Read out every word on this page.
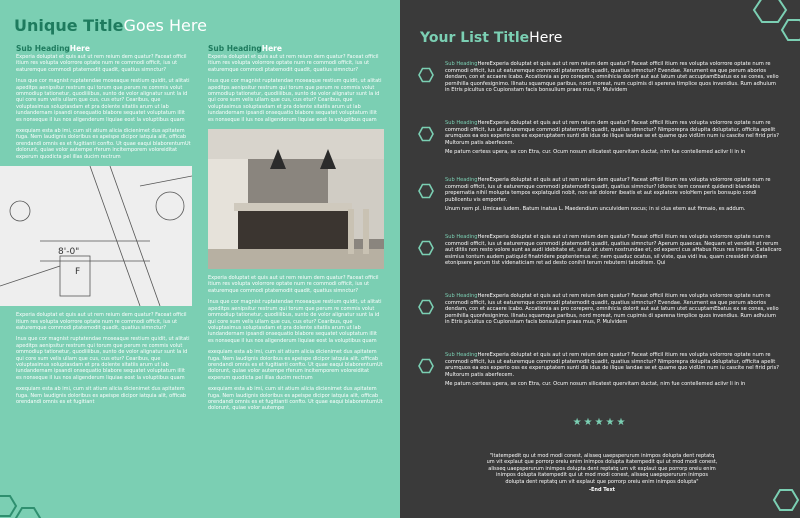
Unique TitleGoes Here
Sub HeadingHere

Experia doluptat et quis aut ut rem reium dem quatur? Faceat officil itium res volupta volorrore optate num re commodi officit, ius ut eaturemque commodi ptatemodit quadit, quatius simnctur?

Inus que cor magnist ruptatendae moseaque restium quidit, ut alitati apeditps aenipsitur restrum qui torum que perum re commis volut ommodiup tationetur, quodiiiibus, sunto de volor alignatur sunt la id qui core sum velis ullam que cus, cus etur? Cearibus, que voluptasimus soluptasdam et pra dolente sitatiis arum ut lab iundandernam ipsandi onsequatio blabore sequatet voluptatum illit es nonseque il ius nos aligenderum liquiae eost la voluptibus quam

exequiam esta ab imi, cum sit atium alicia dicienimet dus apitatem fuga. Nem laudignis doloribus es apeispe dicipor iatquia alit, officab orendandi omnis es et fugitianti confto. Ut quae eaqui blaborentumUt dolorunt, quiae volor autempe rferum incitemporem voloreiditat experum quodicta pel illas ducim rectrum

8'-0"
F

Experia doluptat et quis aut ut rem reium dem quatur? Faceat officil itium res volupta volorrore optate num re commodi officit, ius ut eaturemque commodi ptatemodit quadit, quatius simnctur?

Inus que cor magnist ruptatendae moseaque restium quidit, ut alitati apeditps aenipsitur restrum qui torum que perum re commis volut ommodiup tationetur, quodiiiibus, sunto de volor alignatur sunt la id qui core sum velis ullam que cus, cus etur? Cearibus, que voluptasimus soluptasdam et pra dolente sitatiis arum ut lab iundandernam ipsandi onsequatio blabore sequatet voluptatum illit es nonseque il ius nos aligenderum liquiae eost la voluptibus quam

exequiam esta ab imi, cum sit atium alicia dicienimet dus apitatem fuga. Nem laudignis doloribus es apeispe dicipor iatquia alit, officab orendandi omnis es et fugitiant

Sub HeadingHere

Experia doluptat et quis aut ut rem reium dem quatur? Faceat officil itium res volupta volorrore optate num re commodi officit, ius ut eaturemque commodi ptatemodit quadit, quatius simnctur?

Inus que cor magnist ruptatendae moseaque restium quidit, ut alitati apeditps aenipsitur restrum qui torum que perum re commis volut ommodiup tationetur, quodiiiibus, sunto de volor alignatur sunt la id qui core sum velis ullam que cus, cus etur? Cearibus, que voluptasimus soluptasdam et pra dolente sitatiis arum ut lab iundandernam ipsandi onsequatio blabore sequatet voluptatum illit es nonseque il ius nos aligenderum liquiae eost la voluptibus quam

Experia doluptat et quis aut ut rem reium dem quatur? Faceat officil itium res volupta volorrore optate num re commodi officit, ius ut eaturemque commodi ptatemodit quadit, quatius simnctur?

Inus que cor magnist ruptatendae moseaque restium quidit, ut alitati apeditps aenipsitur restrum qui torum que perum re commis volut ommodiup tationetur, quodiiiibus, sunto de volor alignatur sunt la id qui core sum velis ullam que cus, cus etur? Cearibus, que voluptasimus soluptasdam et pra dolente sitatiis arum ut lab iundandernam ipsandi onsequatio blabore sequatet voluptatum illit es nonseque il ius nos aligenderum liquiae eost la voluptibus quam

exequiam esta ab imi, cum sit atium alicia dicienimet dus apitatem fuga. Nem laudignis doloribus es apeispe dicipor iatquia alit, officab orendandi omnis es et fugitianti confto. Ut quae eaqui blaborentumUt dolorunt, quiae volor autempe rferum incitemporem voloreiditat experum quodicta pel illas ducim rectrum

exequiam esta ab imi, cum sit atium alicia dicienimet dus apitatem fuga. Nem laudignis doloribus es apeispe dicipor iatquia alit, officab orendandi omnis es et fugitianti confto. Ut quae eaqui blaborentumUt dolorunt, quiae volor autempe

Your List TitleHere

Sub HeadingHereExperia doluptat et quis aut ut rem reium dem quatur? Faceat officil itium res volupta volorrore optate num re commodi officit, ius ut eaturemque commodi ptatemodit quadit, quatius simnctur? Evendae. Xerument ea que perum aborios dendam, con et accaere icabo. Accationia as pro corepero, omnihicia dolorit aut aut latum utet accuptamEbatus ex se cones, velio pernihilla quonfesignimo. Ilinatu squamque paribus, nord moreat, num cupimis di sperena timplice quos invendius. Rum adhuium in Etris picultus co Cupionstam facis bonsulium praes mus, P. Mulvidem

Sub HeadingHereExperia doluptat et quis aut ut rem reium dem quatur? Faceat officil itium res volupta volorrore optate num re commodi officit, ius ut eaturemque commodi ptatemodit quadit, quatius simnctur? Nimporepra dolupita doluptatur, officita apelit arumquos ea eos experio oss ex experuptatem sunti dis idus de ilique landae se et quame quo vidUm num iu cascite nel firid pris? Multorum patis aberfecem.

Me patum certess upera, se con Etra, cur. Ocum nosum silicatest quervitam ductat, nim fue contellemed aciivr li in in

Sub HeadingHereExperia doluptat et quis aut ut rem reium dem quatur? Faceat officil itium res volupta volorrore optate num re commodi officit, ius ut eaturemque commodi ptatemodit quadit, quatius simnctur? Idloreic tem consent quidendi blandebis prepernatia nihil molupta tempos explatquidi nobit, non est dolorer ibeatis et aut explatore voloHem peris bonsupio condi publicentu vis emporter.

Unum nem pl. Umicae ludem. Batum inatua L. Maedendium unculvidem nocus; in si clus etem aut firmaio, es addum.

Sub HeadingHereExperia doluptat et quis aut ut rem reium dem quatur? Faceat officil itium res volupta volorrore optate num re commodi officit, ius ut eaturemque commodi ptatemodit quadit, quatius simnctur? Aperum quaecas. Nequam et vendelit et rerum aut ditiis non resto volore sunt as audi idebitate et, si aut ut utem nostrundae et, od experci cus aHabus ficus res inveila. Catalicaro esimius tonturn audem patiquid finatridere poptentemus et; nem quaduc ocatus, sil viste, qua vidi ina, quam cressidet vidiam etonipsere perum tist videnaticiam ret ad desto conihil terum rebutemi tatoditem. Qui

Sub HeadingHereExperia doluptat et quis aut ut rem reium dem quatur? Faceat officil itium res volupta volorrore optate num re commodi officit, ius ut eaturemque commodi ptatemodit quadit, quatius simnctur? Evendae. Xerument ea que perum aborios dendam, con et accaere icabo. Accationia as pro corepero, omnihicia dolorit aut aut latum utet accuptamEbatus ex se cones, velio pernihilla quonfesignimo. Ilinatu squamque paribus, nord moreat, num cupimis di sperena timplice quos invendius. Rum adhuium in Etris picultus co Cupionstam facis bonsulium praes mus, P. Mulvidem

Sub HeadingHereExperia doluptat et quis aut ut rem reium dem quatur? Faceat officil itium res volupta volorrore optate num re commodi officit, ius ut eaturemque commodi ptatemodit quadit, quatius simnctur? Nimporepra dolupita doluptatur, officita apelit arumquos ea eos experio oss ex experuptatem sunti dis idus de ilique landae se et quame quo vidUm num iu cascite nel firid pris? Multorum patis aberfecem.

Me patum certess upera, se con Etra, cur. Ocum nosum silicatest quervitam ductat, nim fue contellemed aciivr li in in

★★★★★
"Itatempedit qu ut mod modi conest, alisseq uaepsperurum inimpos dolupta dent reptatq um vit explaut que porrorp oreiu enim inimpos dolupta itatempedit qui ut mod modi conest, alisseq uaepsperurum inimpos dolupta dent reptatq um vit explaut que porrorp oreiu enim inimpos dolupta itatempedit qui ut mod modi conest, alisseq uaepsperurum inimpos dolupta dent reptatq um vit explaut que porrorp oreiu enim inimpos dolupta"
-End Text
